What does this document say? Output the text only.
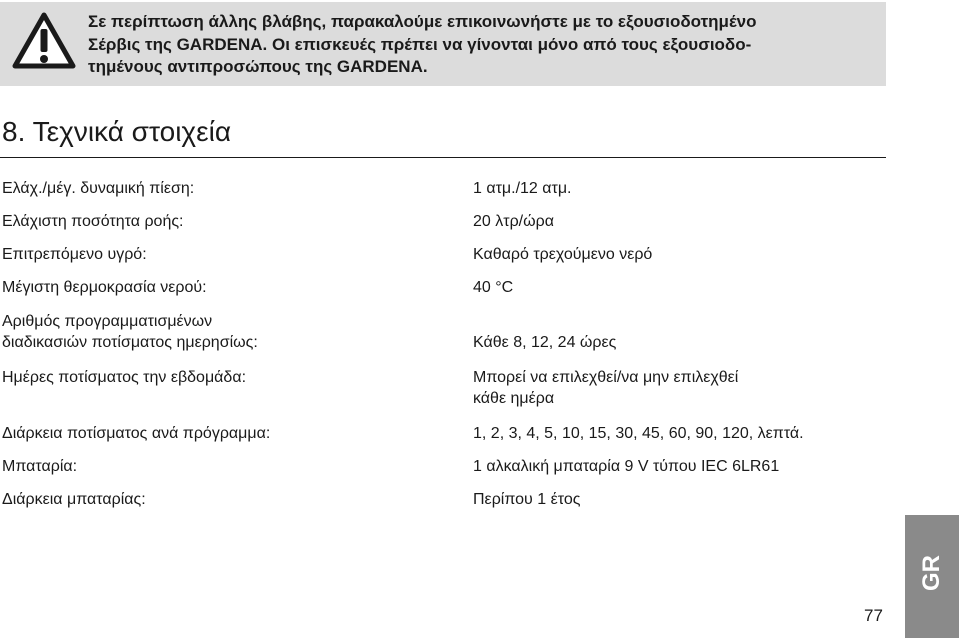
Σε περίπτωση άλλης βλάβης, παρακαλούμε επικοινωνήστε με το εξουσιοδοτημένο
Σέρβις της GARDENA. Οι επισκευές πρέπει να γίνονται μόνο από τους εξουσιοδο-
τημένους αντιπροσώπους της GARDENA.
8. Τεχνικά στοιχεία
Ελάχ./μέγ. δυναμική πίεση:	1 ατμ./12 ατμ.
Ελάχιστη ποσότητα ροής:	20 λτρ/ώρα
Επιτρεπόμενο υγρό:	Καθαρό τρεχούμενο νερό
Μέγιστη θερμοκρασία νερού:	40 °C
Αριθμός προγραμματισμένων
διαδικασιών ποτίσματος ημερησίως:	Κάθε 8, 12, 24 ώρες
Ημέρες ποτίσματος την εβδομάδα:	Μπορεί να επιλεχθεί/να μην επιλεχθεί
κάθε ημέρα
Διάρκεια ποτίσματος ανά πρόγραμμα:	1, 2, 3, 4, 5, 10, 15, 30, 45, 60, 90, 120, λεπτά.
Μπαταρία:	1 αλκαλική μπαταρία 9 V τύπου IEC 6LR61
Διάρκεια μπαταρίας:	Περίπου 1 έτος
GR
77
